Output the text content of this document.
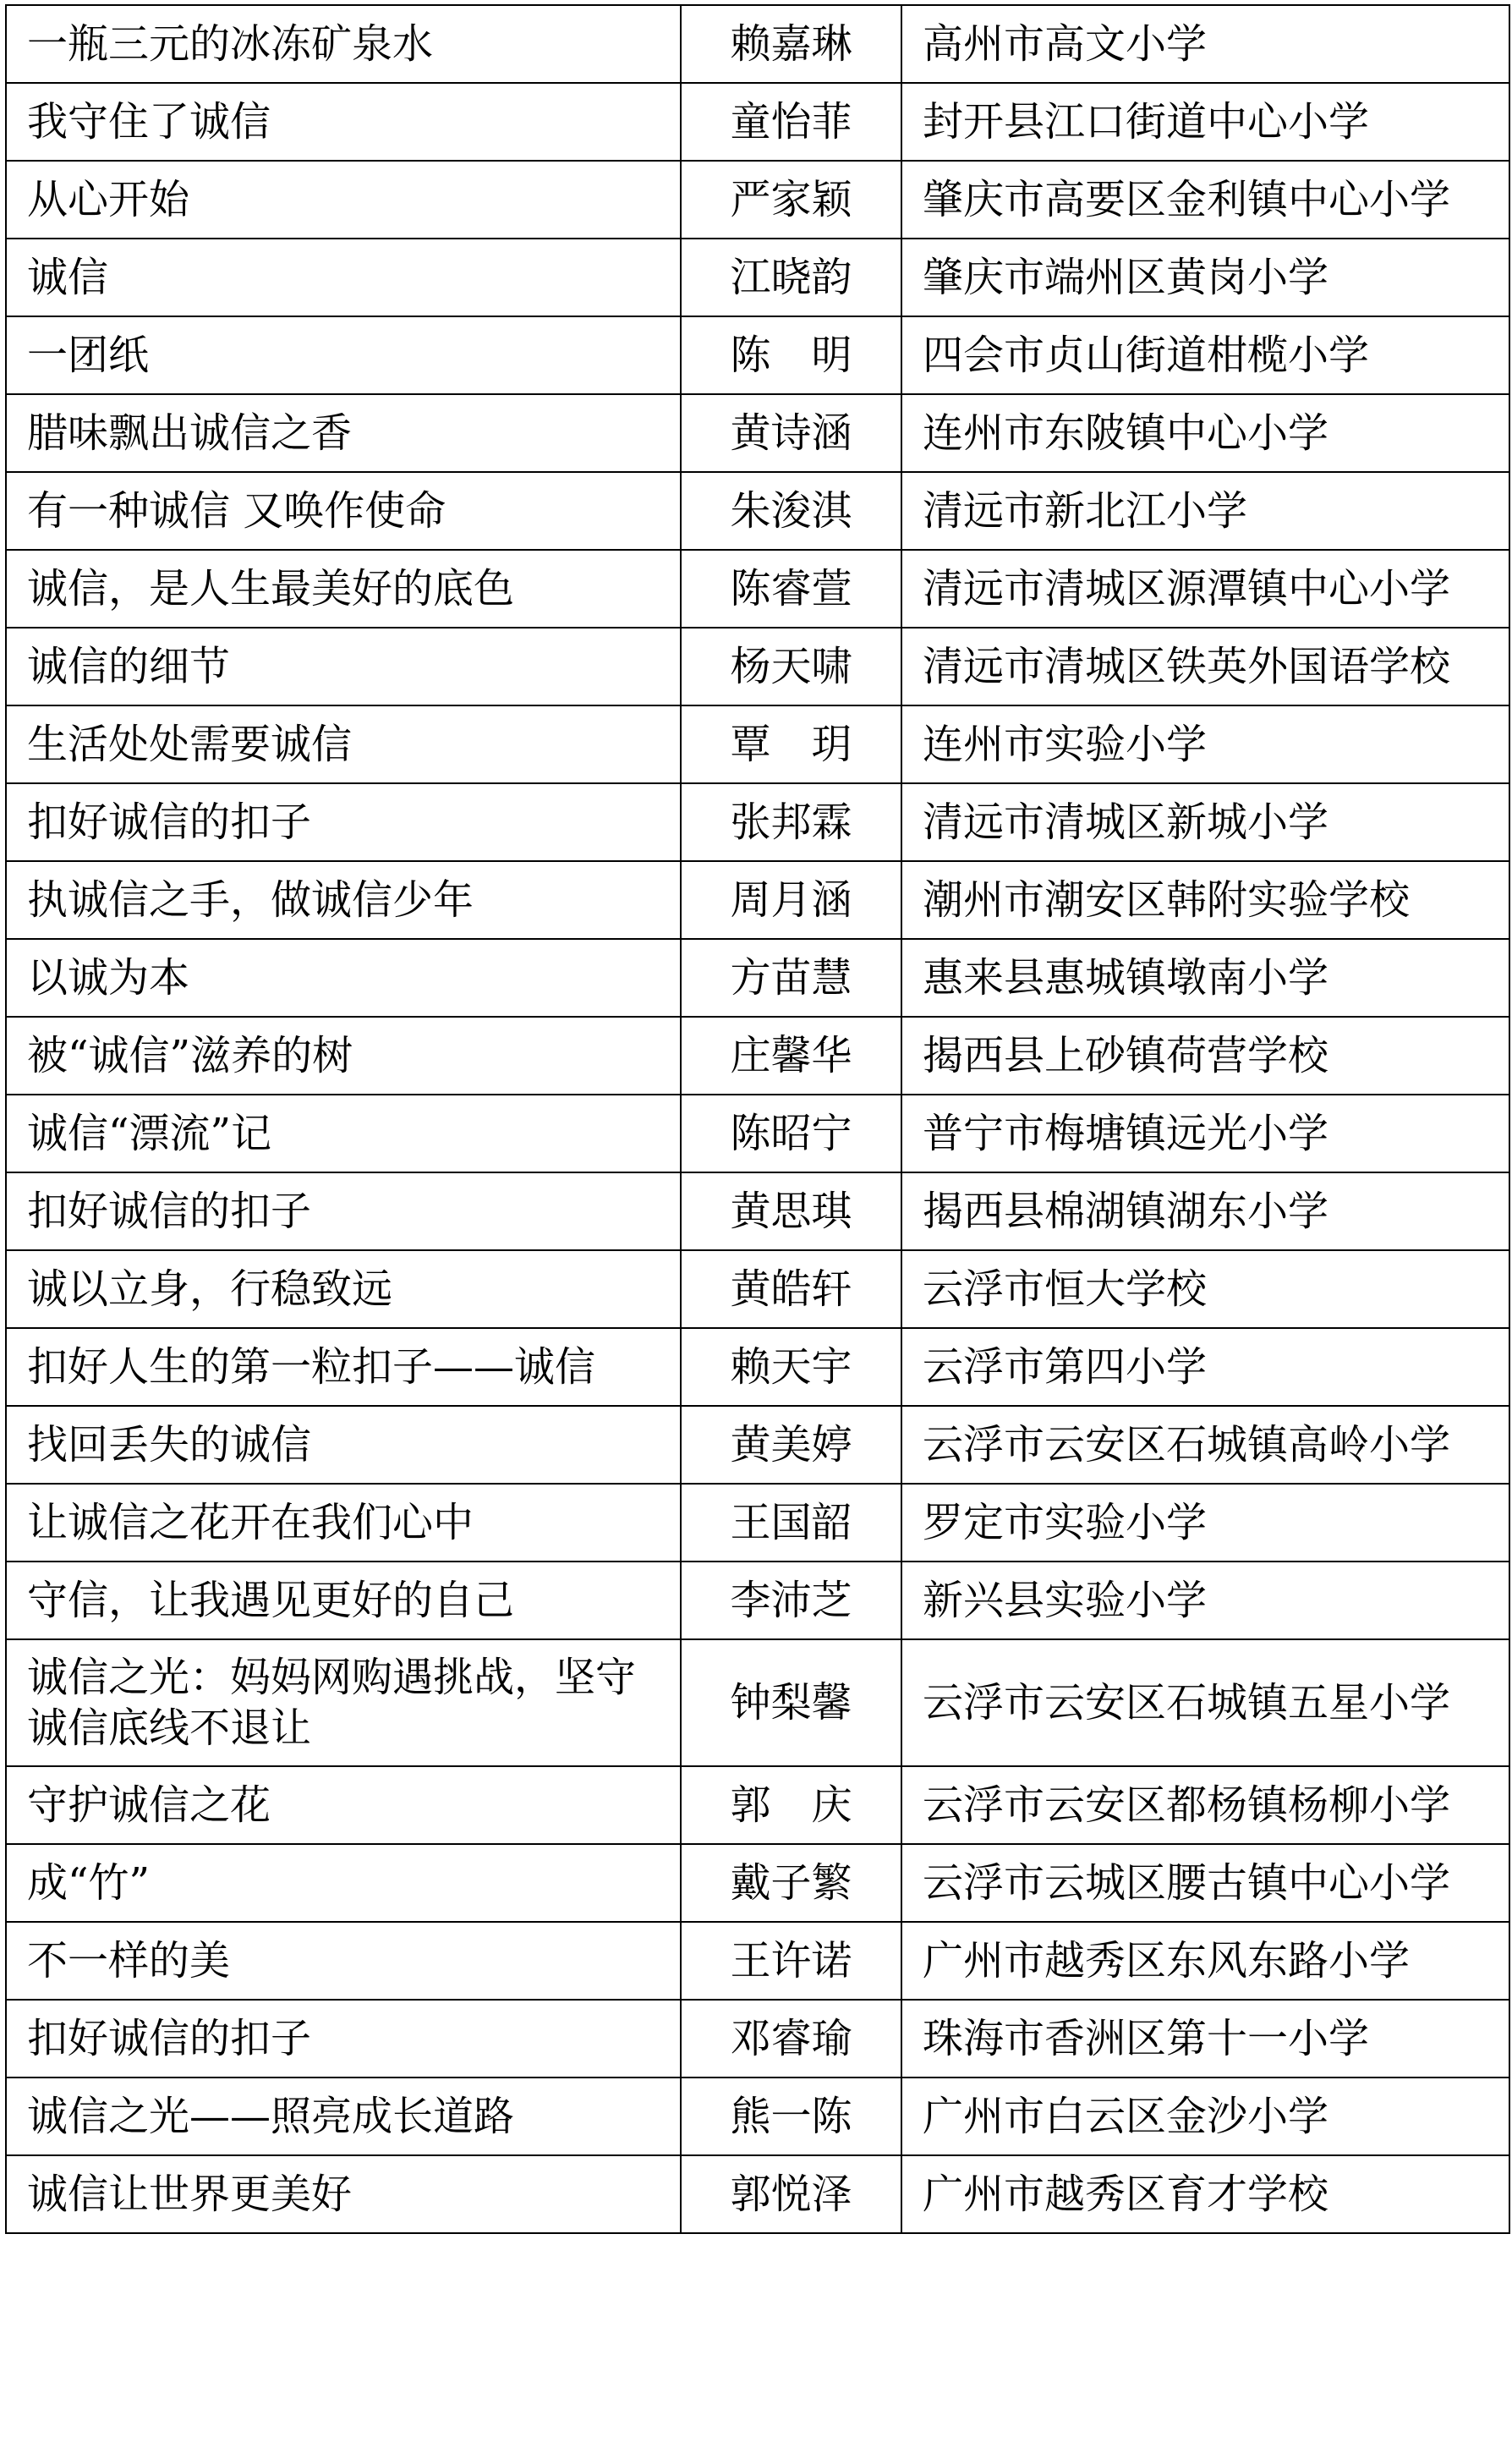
一瓶三元的冰冻矿泉水	赖嘉琳	高州市高文小学
我守住了诚信	童怡菲	封开县江口街道中心小学
从心开始	严家颖	肇庆市高要区金利镇中心小学
诚信	江晓韵	肇庆市端州区黄岗小学
一团纸	陈　明	四会市贞山街道柑榄小学
腊味飘出诚信之香	黄诗涵	连州市东陂镇中心小学
有一种诚信 又唤作使命	朱浚淇	清远市新北江小学
诚信，是人生最美好的底色	陈睿萱	清远市清城区源潭镇中心小学
诚信的细节	杨天啸	清远市清城区铁英外国语学校
生活处处需要诚信	覃　玥	连州市实验小学
扣好诚信的扣子	张邦霖	清远市清城区新城小学
执诚信之手，做诚信少年	周月涵	潮州市潮安区韩附实验学校
以诚为本	方苗慧	惠来县惠城镇墩南小学
被“诚信”滋养的树	庄馨华	揭西县上砂镇荷营学校
诚信“漂流”记	陈昭宁	普宁市梅塘镇远光小学
扣好诚信的扣子	黄思琪	揭西县棉湖镇湖东小学
诚以立身，行稳致远	黄皓轩	云浮市恒大学校
扣好人生的第一粒扣子——诚信	赖天宇	云浮市第四小学
找回丢失的诚信	黄美婷	云浮市云安区石城镇高岭小学
让诚信之花开在我们心中	王国韶	罗定市实验小学
守信，让我遇见更好的自己	李沛芝	新兴县实验小学
诚信之光：妈妈网购遇挑战，坚守诚信底线不退让	钟梨馨	云浮市云安区石城镇五星小学
守护诚信之花	郭　庆	云浮市云安区都杨镇杨柳小学
成“竹”	戴子繁	云浮市云城区腰古镇中心小学
不一样的美	王许诺	广州市越秀区东风东路小学
扣好诚信的扣子	邓睿瑜	珠海市香洲区第十一小学
诚信之光——照亮成长道路	熊一陈	广州市白云区金沙小学
诚信让世界更美好	郭悦泽	广州市越秀区育才学校
